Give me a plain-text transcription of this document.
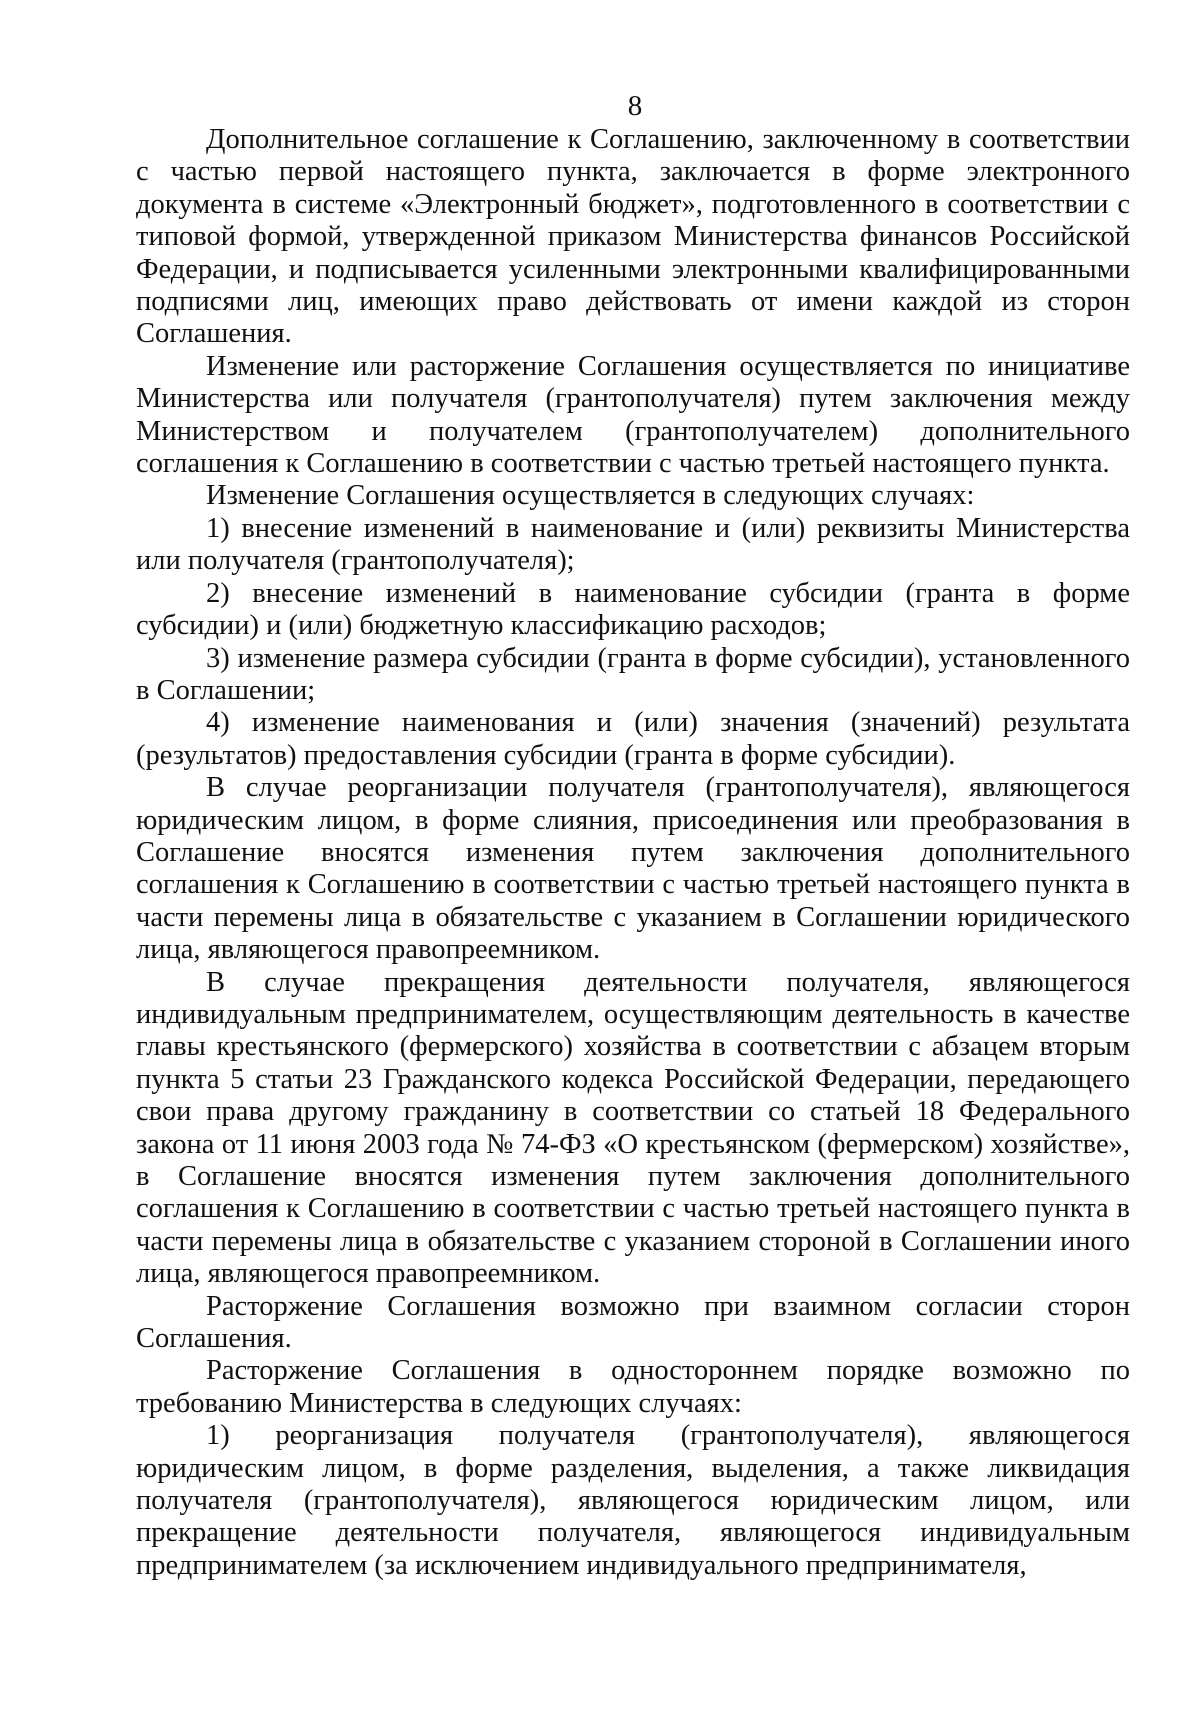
8

Дополнительное соглашение к Соглашению, заключенному в соответствии с частью первой настоящего пункта, заключается в форме электронного документа в системе «Электронный бюджет», подготовленного в соответствии с типовой формой, утвержденной приказом Министерства финансов Российской Федерации, и подписывается усиленными электронными квалифицированными подписями лиц, имеющих право действовать от имени каждой из сторон Соглашения.

Изменение или расторжение Соглашения осуществляется по инициативе Министерства или получателя (грантополучателя) путем заключения между Министерством и получателем (грантополучателем) дополнительного соглашения к Соглашению в соответствии с частью третьей настоящего пункта.

Изменение Соглашения осуществляется в следующих случаях:

1) внесение изменений в наименование и (или) реквизиты Министерства или получателя (грантополучателя);

2) внесение изменений в наименование субсидии (гранта в форме субсидии) и (или) бюджетную классификацию расходов;

3) изменение размера субсидии (гранта в форме субсидии), установленного в Соглашении;

4) изменение наименования и (или) значения (значений) результата (результатов) предоставления субсидии (гранта в форме субсидии).

В случае реорганизации получателя (грантополучателя), являющегося юридическим лицом, в форме слияния, присоединения или преобразования в Соглашение вносятся изменения путем заключения дополнительного соглашения к Соглашению в соответствии с частью третьей настоящего пункта в части перемены лица в обязательстве с указанием в Соглашении юридического лица, являющегося правопреемником.

В случае прекращения деятельности получателя, являющегося индивидуальным предпринимателем, осуществляющим деятельность в качестве главы крестьянского (фермерского) хозяйства в соответствии с абзацем вторым пункта 5 статьи 23 Гражданского кодекса Российской Федерации, передающего свои права другому гражданину в соответствии со статьей 18 Федерального закона от 11 июня 2003 года № 74-ФЗ «О крестьянском (фермерском) хозяйстве», в Соглашение вносятся изменения путем заключения дополнительного соглашения к Соглашению в соответствии с частью третьей настоящего пункта в части перемены лица в обязательстве с указанием стороной в Соглашении иного лица, являющегося правопреемником.

Расторжение Соглашения возможно при взаимном согласии сторон Соглашения.

Расторжение Соглашения в одностороннем порядке возможно по требованию Министерства в следующих случаях:

1) реорганизация получателя (грантополучателя), являющегося юридическим лицом, в форме разделения, выделения, а также ликвидация получателя (грантополучателя), являющегося юридическим лицом, или прекращение деятельности получателя, являющегося индивидуальным предпринимателем (за исключением индивидуального предпринимателя,
